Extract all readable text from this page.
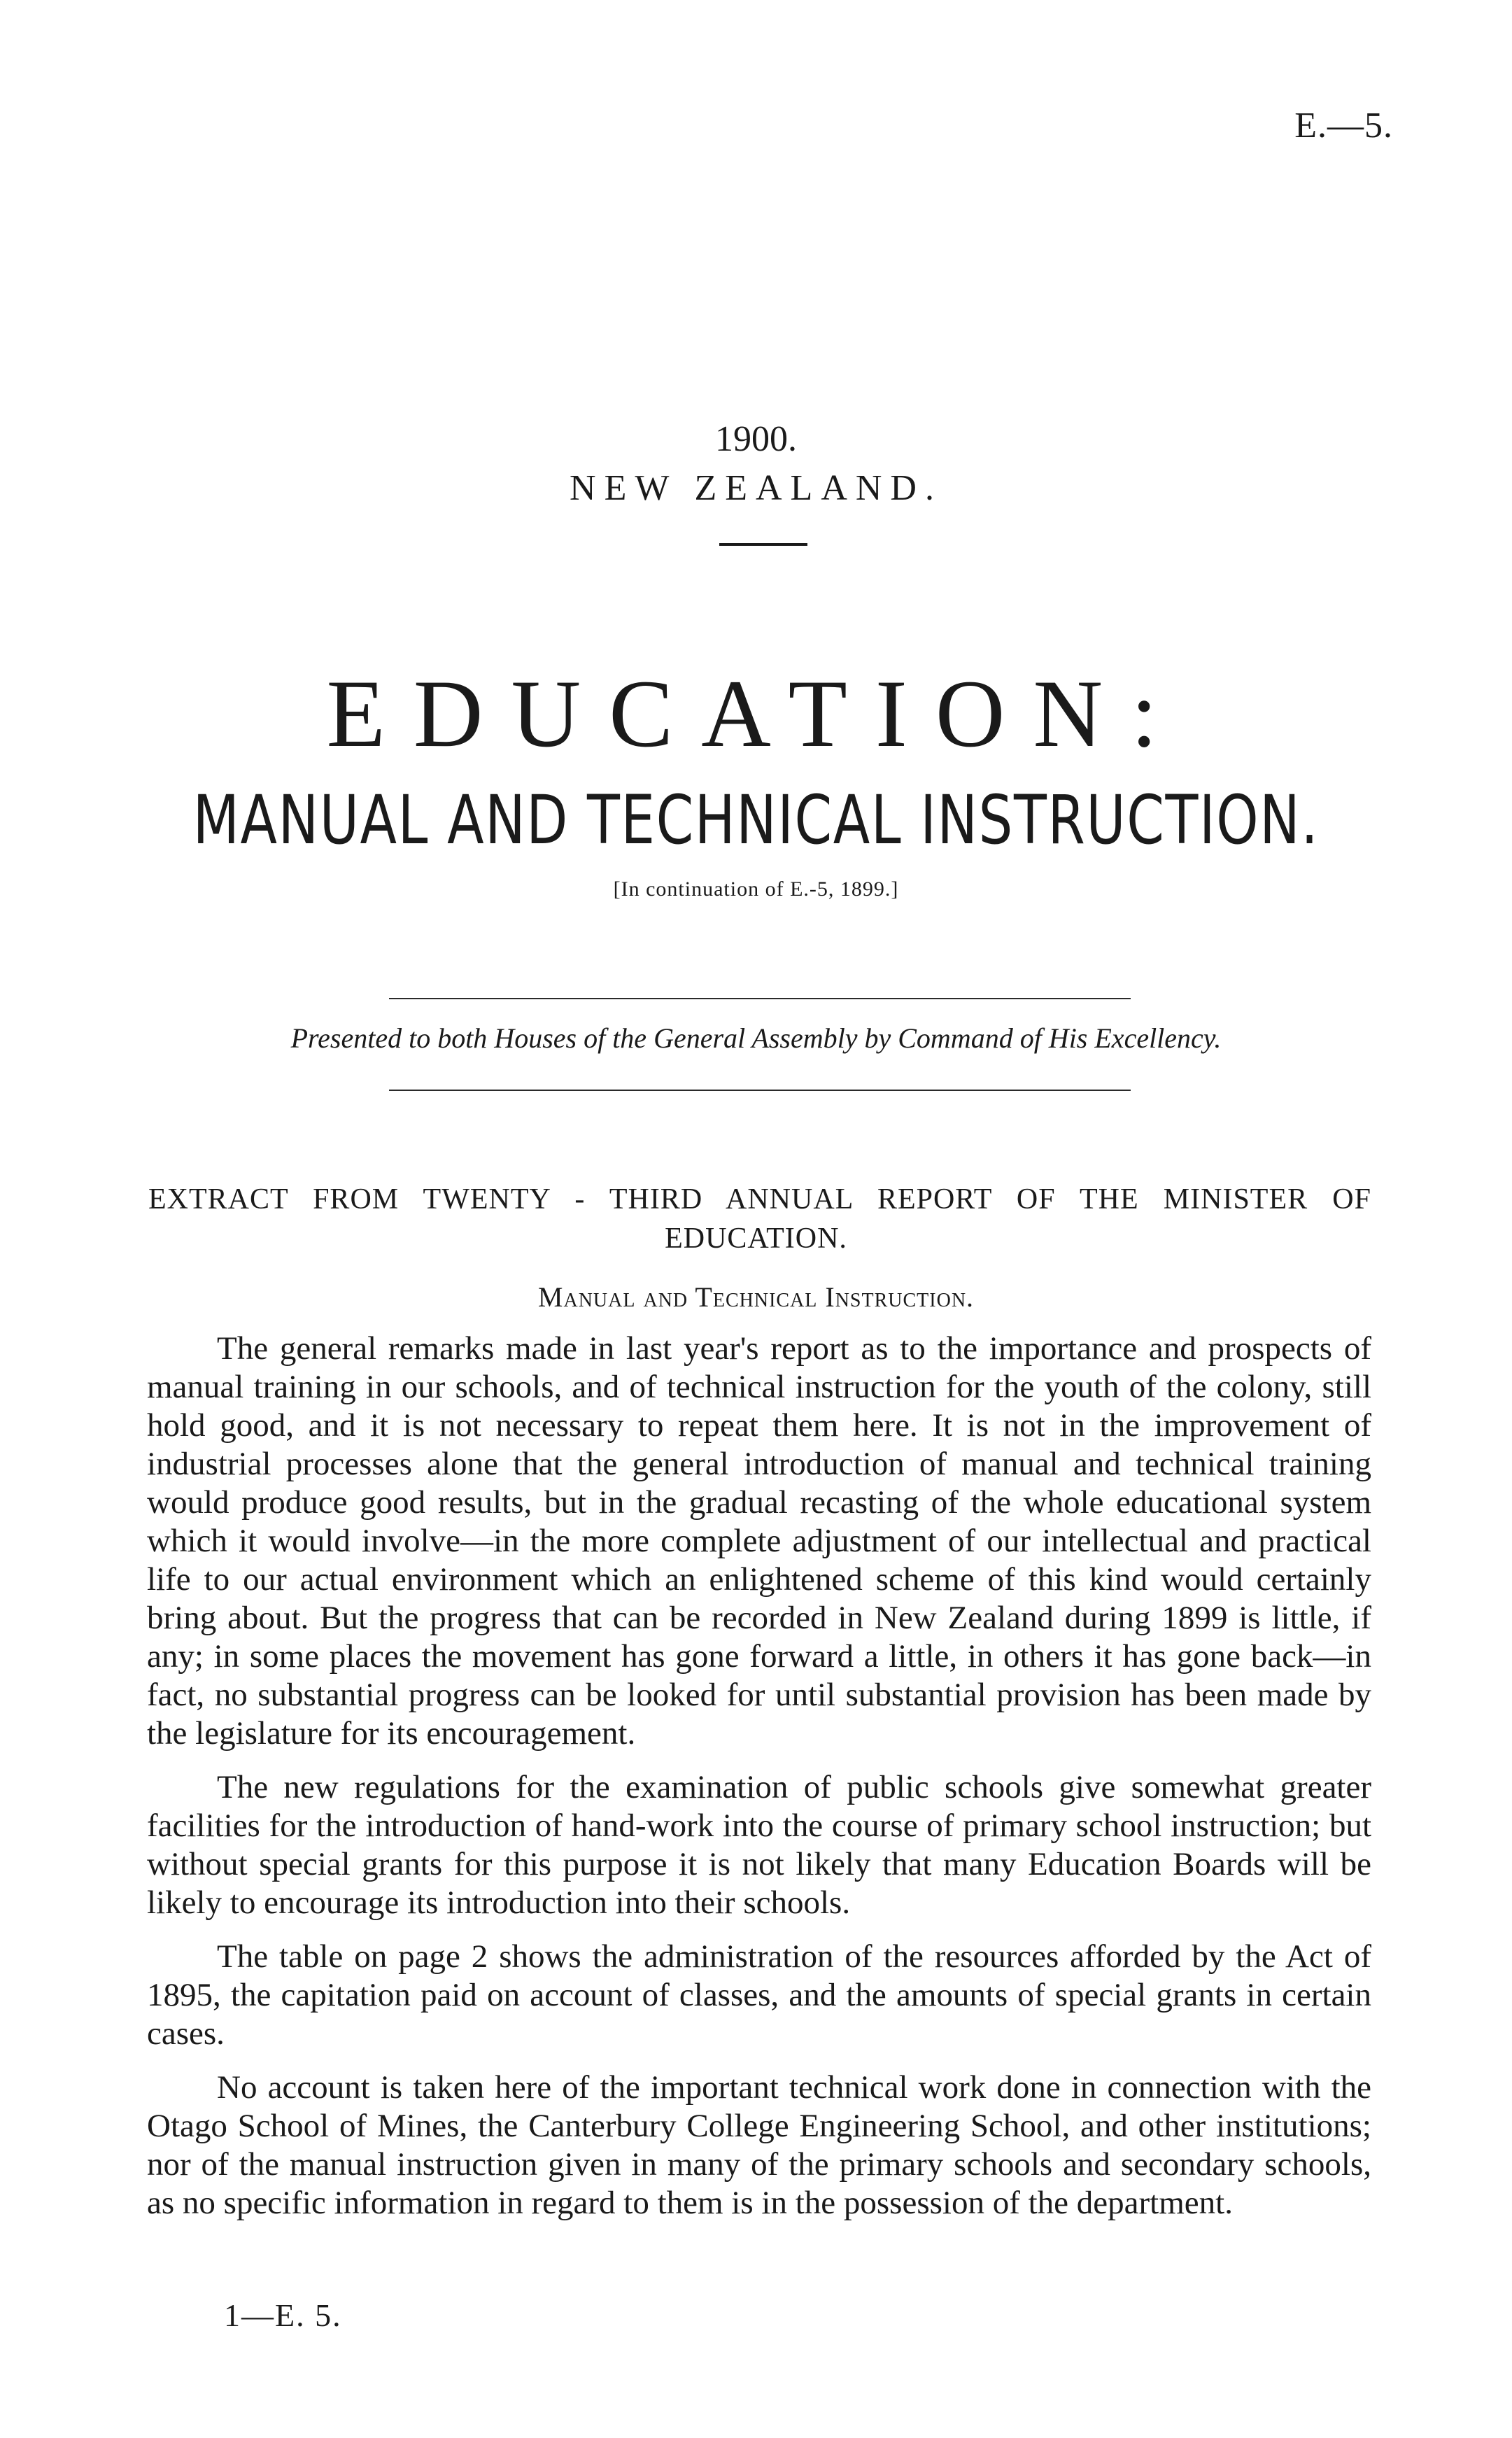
E.—5.
1900.
NEW ZEALAND.
EDUCATION:
MANUAL AND TECHNICAL INSTRUCTION.
[In continuation of E.-5, 1899.]
Presented to both Houses of the General Assembly by Command of His Excellency.
EXTRACT FROM TWENTY - THIRD ANNUAL REPORT OF THE MINISTER OF
EDUCATION.
Manual and Technical Instruction.

The general remarks made in last year's report as to the importance and prospects of manual training in our schools, and of technical instruction for the youth of the colony, still hold good, and it is not necessary to repeat them here. It is not in the improvement of industrial processes alone that the general introduction of manual and technical training would produce good results, but in the gradual recasting of the whole educational system which it would involve—in the more complete adjustment of our intellectual and practical life to our actual environment which an enlightened scheme of this kind would certainly bring about. But the progress that can be recorded in New Zealand during 1899 is little, if any; in some places the movement has gone forward a little, in others it has gone back—in fact, no substantial progress can be looked for until substantial provision has been made by the legislature for its encouragement.

The new regulations for the examination of public schools give somewhat greater facilities for the introduction of hand-work into the course of primary school instruction; but without special grants for this purpose it is not likely that many Education Boards will be likely to encourage its introduction into their schools.

The table on page 2 shows the administration of the resources afforded by the Act of 1895, the capitation paid on account of classes, and the amounts of special grants in certain cases.

No account is taken here of the important technical work done in connection with the Otago School of Mines, the Canterbury College Engineering School, and other institutions; nor of the manual instruction given in many of the primary schools and secondary schools, as no specific information in regard to them is in the possession of the department.

1—E. 5.
